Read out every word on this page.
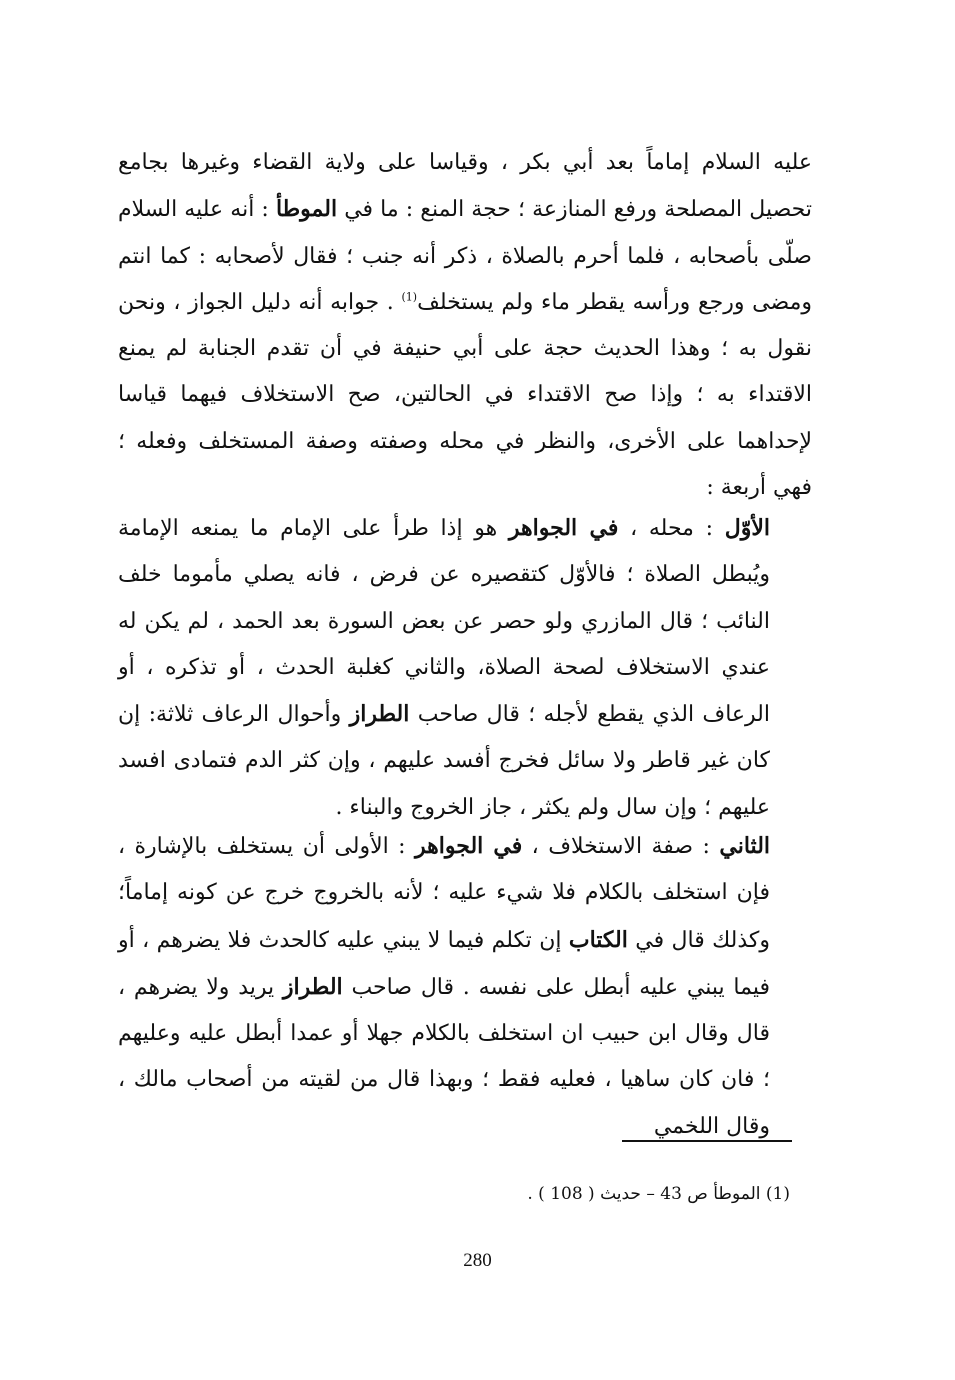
عليه السلام إماماً بعد أبي بكر ، وقياسا على ولاية القضاء وغيرها بجامع تحصيل المصلحة ورفع المنازعة ؛ حجة المنع : ما في الموطأ : أنه عليه السلام صلّى بأصحابه ، فلما أحرم بالصلاة ، ذكر أنه جنب ؛ فقال لأصحابه : كما انتم ومضى ورجع ورأسه يقطر ماء ولم يستخلف$^{(1)}$ . جوابه أنه دليل الجواز ، ونحن نقول به ؛ وهذا الحديث حجة على أبي حنيفة في أن تقدم الجنابة لم يمنع الاقتداء به ؛ وإذا صح الاقتداء في الحالتين، صح الاستخلاف فيهما قياسا لإحداهما على الأخرى، والنظر في محله وصفته وصفة المستخلف وفعله ؛ فهي أربعة :

الأوّل : محله ، في الجواهر هو إذا طرأ على الإمام ما يمنعه الإمامة ويُبطل الصلاة ؛ فالأوّل كتقصيره عن فرض ، فانه يصلي مأموما خلف النائب ؛ قال المازري ولو حصر عن بعض السورة بعد الحمد ، لم يكن له عندي الاستخلاف لصحة الصلاة، والثاني كغلبة الحدث ، أو تذكره ، أو الرعاف الذي يقطع لأجله ؛ قال صاحب الطراز وأحوال الرعاف ثلاثة: إن كان غير قاطر ولا سائل فخرج أفسد عليهم ، وإن كثر الدم فتمادى افسد عليهم ؛ وإن سال ولم يكثر ، جاز الخروج والبناء .

الثاني : صفة الاستخلاف ، في الجواهر : الأولى أن يستخلف بالإشارة ، فإن استخلف بالكلام فلا شيء عليه ؛ لأنه بالخروج خرج عن كونه إماماً؛ وكذلك قال في الكتاب إن تكلم فيما لا يبني عليه كالحدث فلا يضرهم ، أو فيما يبني عليه أبطل على نفسه . قال صاحب الطراز يريد ولا يضرهم ، قال وقال ابن حبيب ان استخلف بالكلام جهلا أو عمدا أبطل عليه وعليهم ؛ فان كان ساهيا ، فعليه فقط ؛ وبهذا قال من لقيته من أصحاب مالك ، وقال اللخمي

(1) الموطأ ص 43 – حديث ( 108 ) .
280
